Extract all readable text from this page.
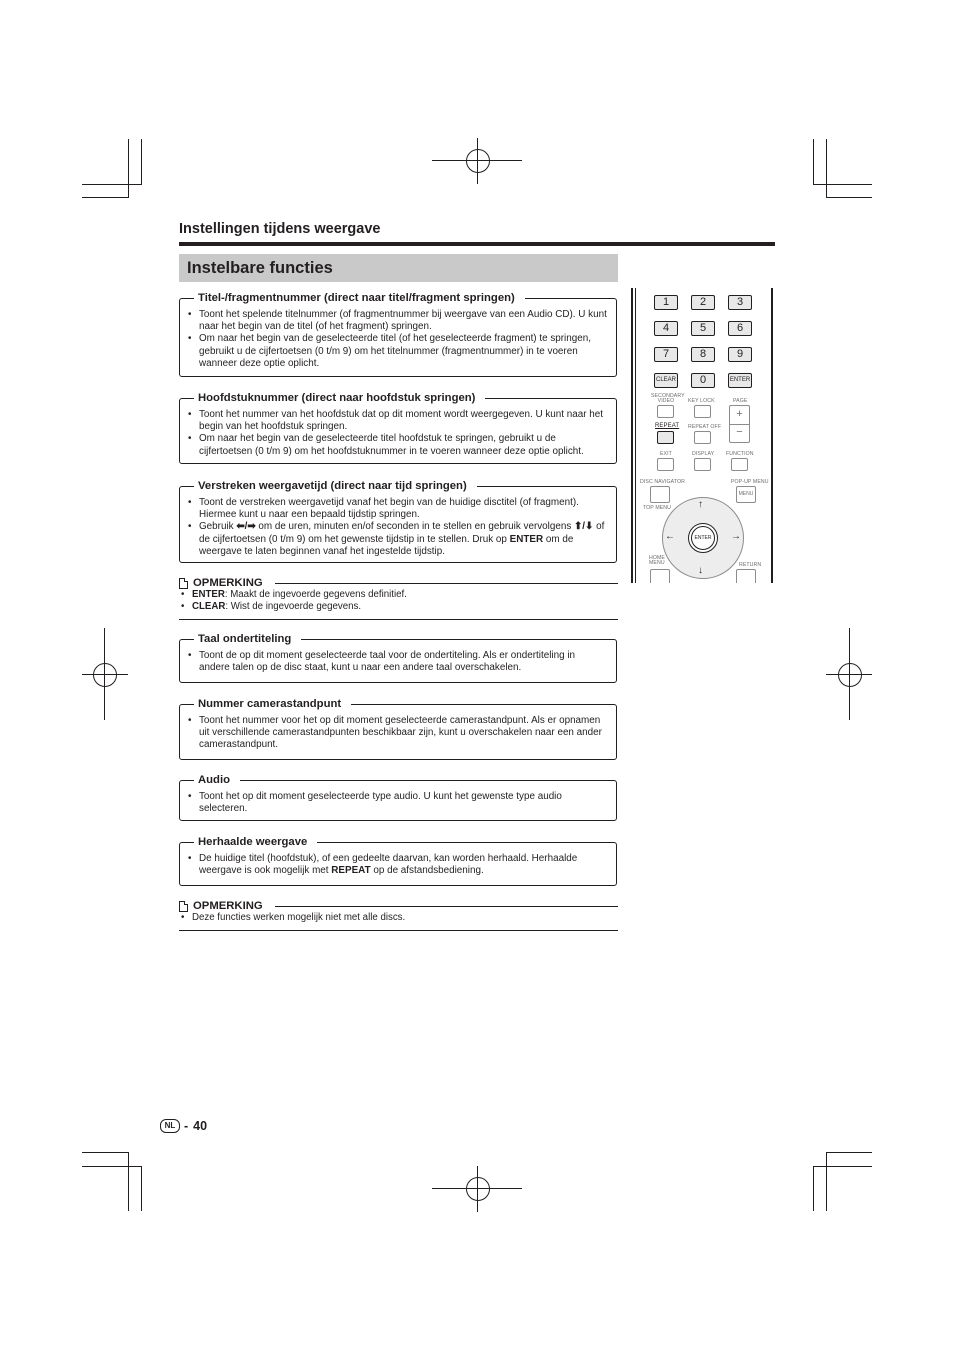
Instellingen tijdens weergave
Instelbare functies
Titel-/fragmentnummer (direct naar titel/fragment springen)
• Toont het spelende titelnummer (of fragmentnummer bij weergave van een Audio CD). U kunt naar het begin van de titel (of het fragment) springen.
• Om naar het begin van de geselecteerde titel (of het geselecteerde fragment) te springen, gebruikt u de cijfertoetsen (0 t/m 9) om het titelnummer (fragmentnummer) in te voeren wanneer deze optie oplicht.
Hoofdstuknummer (direct naar hoofdstuk springen)
• Toont het nummer van het hoofdstuk dat op dit moment wordt weergegeven. U kunt naar het begin van het hoofdstuk springen.
• Om naar het begin van de geselecteerde titel hoofdstuk te springen, gebruikt u de cijfertoetsen (0 t/m 9) om het hoofdstuknummer in te voeren wanneer deze optie oplicht.
Verstreken weergavetijd (direct naar tijd springen)
• Toont de verstreken weergavetijd vanaf het begin van de huidige disctitel (of fragment). Hiermee kunt u naar een bepaald tijdstip springen.
• Gebruik ⬅/➡ om de uren, minuten en/of seconden in te stellen en gebruik vervolgens ⬆/⬇ of de cijfertoetsen (0 t/m 9) om het gewenste tijdstip in te stellen. Druk op ENTER om de weergave te laten beginnen vanaf het ingestelde tijdstip.
OPMERKING
• ENTER: Maakt de ingevoerde gegevens definitief.
• CLEAR: Wist de ingevoerde gegevens.
Taal ondertiteling
• Toont de op dit moment geselecteerde taal voor de ondertiteling. Als er ondertiteling in andere talen op de disc staat, kunt u naar een andere taal overschakelen.
Nummer camerastandpunt
• Toont het nummer voor het op dit moment geselecteerde camerastandpunt. Als er opnamen uit verschillende camerastandpunten beschikbaar zijn, kunt u overschakelen naar een ander camerastandpunt.
Audio
• Toont het op dit moment geselecteerde type audio. U kunt het gewenste type audio selecteren.
Herhaalde weergave
• De huidige titel (hoofdstuk), of een gedeelte daarvan, kan worden herhaald. Herhaalde weergave is ook mogelijk met REPEAT op de afstandsbediening.
OPMERKING
• Deze functies werken mogelijk niet met alle discs.
1	2	3
4	5	6
7	8	9
CLEAR	0	ENTER
SECONDARY VIDEO	KEY LOCK	PAGE
+
−
REPEAT REPEAT OFF
EXIT	DISPLAY FUNCTION
DISC NAVIGATOR	POP-UP MENU
MENU
TOP MENU
ENTER
↑
↓
←	→
HOME MENU	RETURN
NL - 40
